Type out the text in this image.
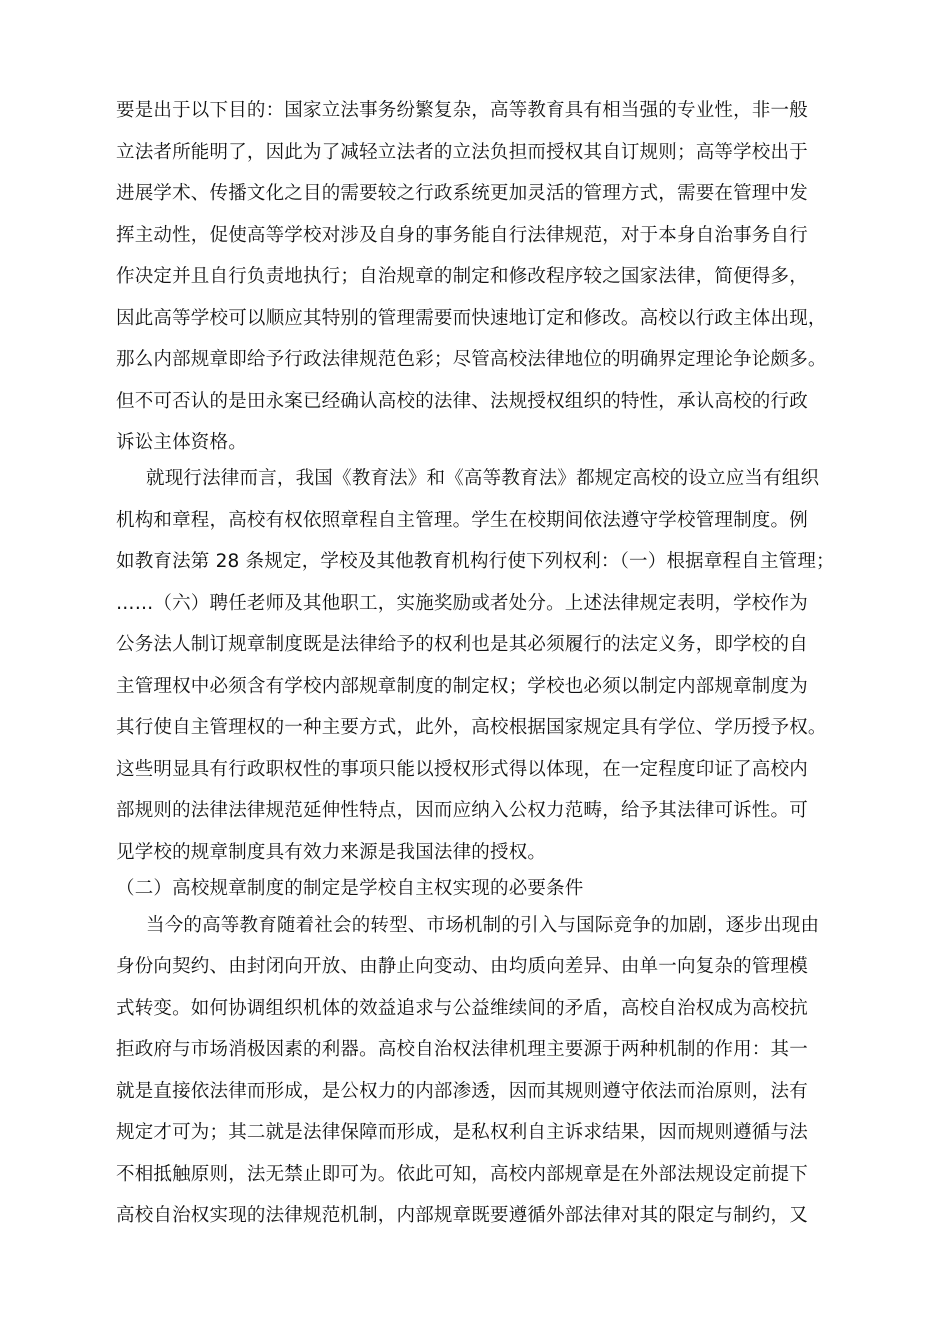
要是出于以下目的：国家立法事务纷繁复杂，高等教育具有相当强的专业性，非一般
立法者所能明了，因此为了减轻立法者的立法负担而授权其自订规则；高等学校出于
进展学术、传播文化之目的需要较之行政系统更加灵活的管理方式，需要在管理中发
挥主动性，促使高等学校对涉及自身的事务能自行法律规范，对于本身自治事务自行
作决定并且自行负责地执行；自治规章的制定和修改程序较之国家法律，简便得多，
因此高等学校可以顺应其特别的管理需要而快速地订定和修改。高校以行政主体出现，
那么内部规章即给予行政法律规范色彩；尽管高校法律地位的明确界定理论争论颇多。
但不可否认的是田永案已经确认高校的法律、法规授权组织的特性，承认高校的行政
诉讼主体资格。
就现行法律而言，我国《教育法》和《高等教育法》都规定高校的设立应当有组织
机构和章程，高校有权依照章程自主管理。学生在校期间依法遵守学校管理制度。例
如教育法第 28 条规定，学校及其他教育机构行使下列权利：（一）根据章程自主管理；
……（六）聘任老师及其他职工，实施奖励或者处分。上述法律规定表明，学校作为
公务法人制订规章制度既是法律给予的权利也是其必须履行的法定义务，即学校的自
主管理权中必须含有学校内部规章制度的制定权；学校也必须以制定内部规章制度为
其行使自主管理权的一种主要方式，此外，高校根据国家规定具有学位、学历授予权。
这些明显具有行政职权性的事项只能以授权形式得以体现，在一定程度印证了高校内
部规则的法律法律规范延伸性特点，因而应纳入公权力范畴，给予其法律可诉性。可
见学校的规章制度具有效力来源是我国法律的授权。
（二）高校规章制度的制定是学校自主权实现的必要条件
当今的高等教育随着社会的转型、市场机制的引入与国际竞争的加剧，逐步出现由
身份向契约、由封闭向开放、由静止向变动、由均质向差异、由单一向复杂的管理模
式转变。如何协调组织机体的效益追求与公益维续间的矛盾，高校自治权成为高校抗
拒政府与市场消极因素的利器。高校自治权法律机理主要源于两种机制的作用：其一
就是直接依法律而形成，是公权力的内部渗透，因而其规则遵守依法而治原则，法有
规定才可为；其二就是法律保障而形成，是私权利自主诉求结果，因而规则遵循与法
不相抵触原则，法无禁止即可为。依此可知，高校内部规章是在外部法规设定前提下
高校自治权实现的法律规范机制，内部规章既要遵循外部法律对其的限定与制约，又
